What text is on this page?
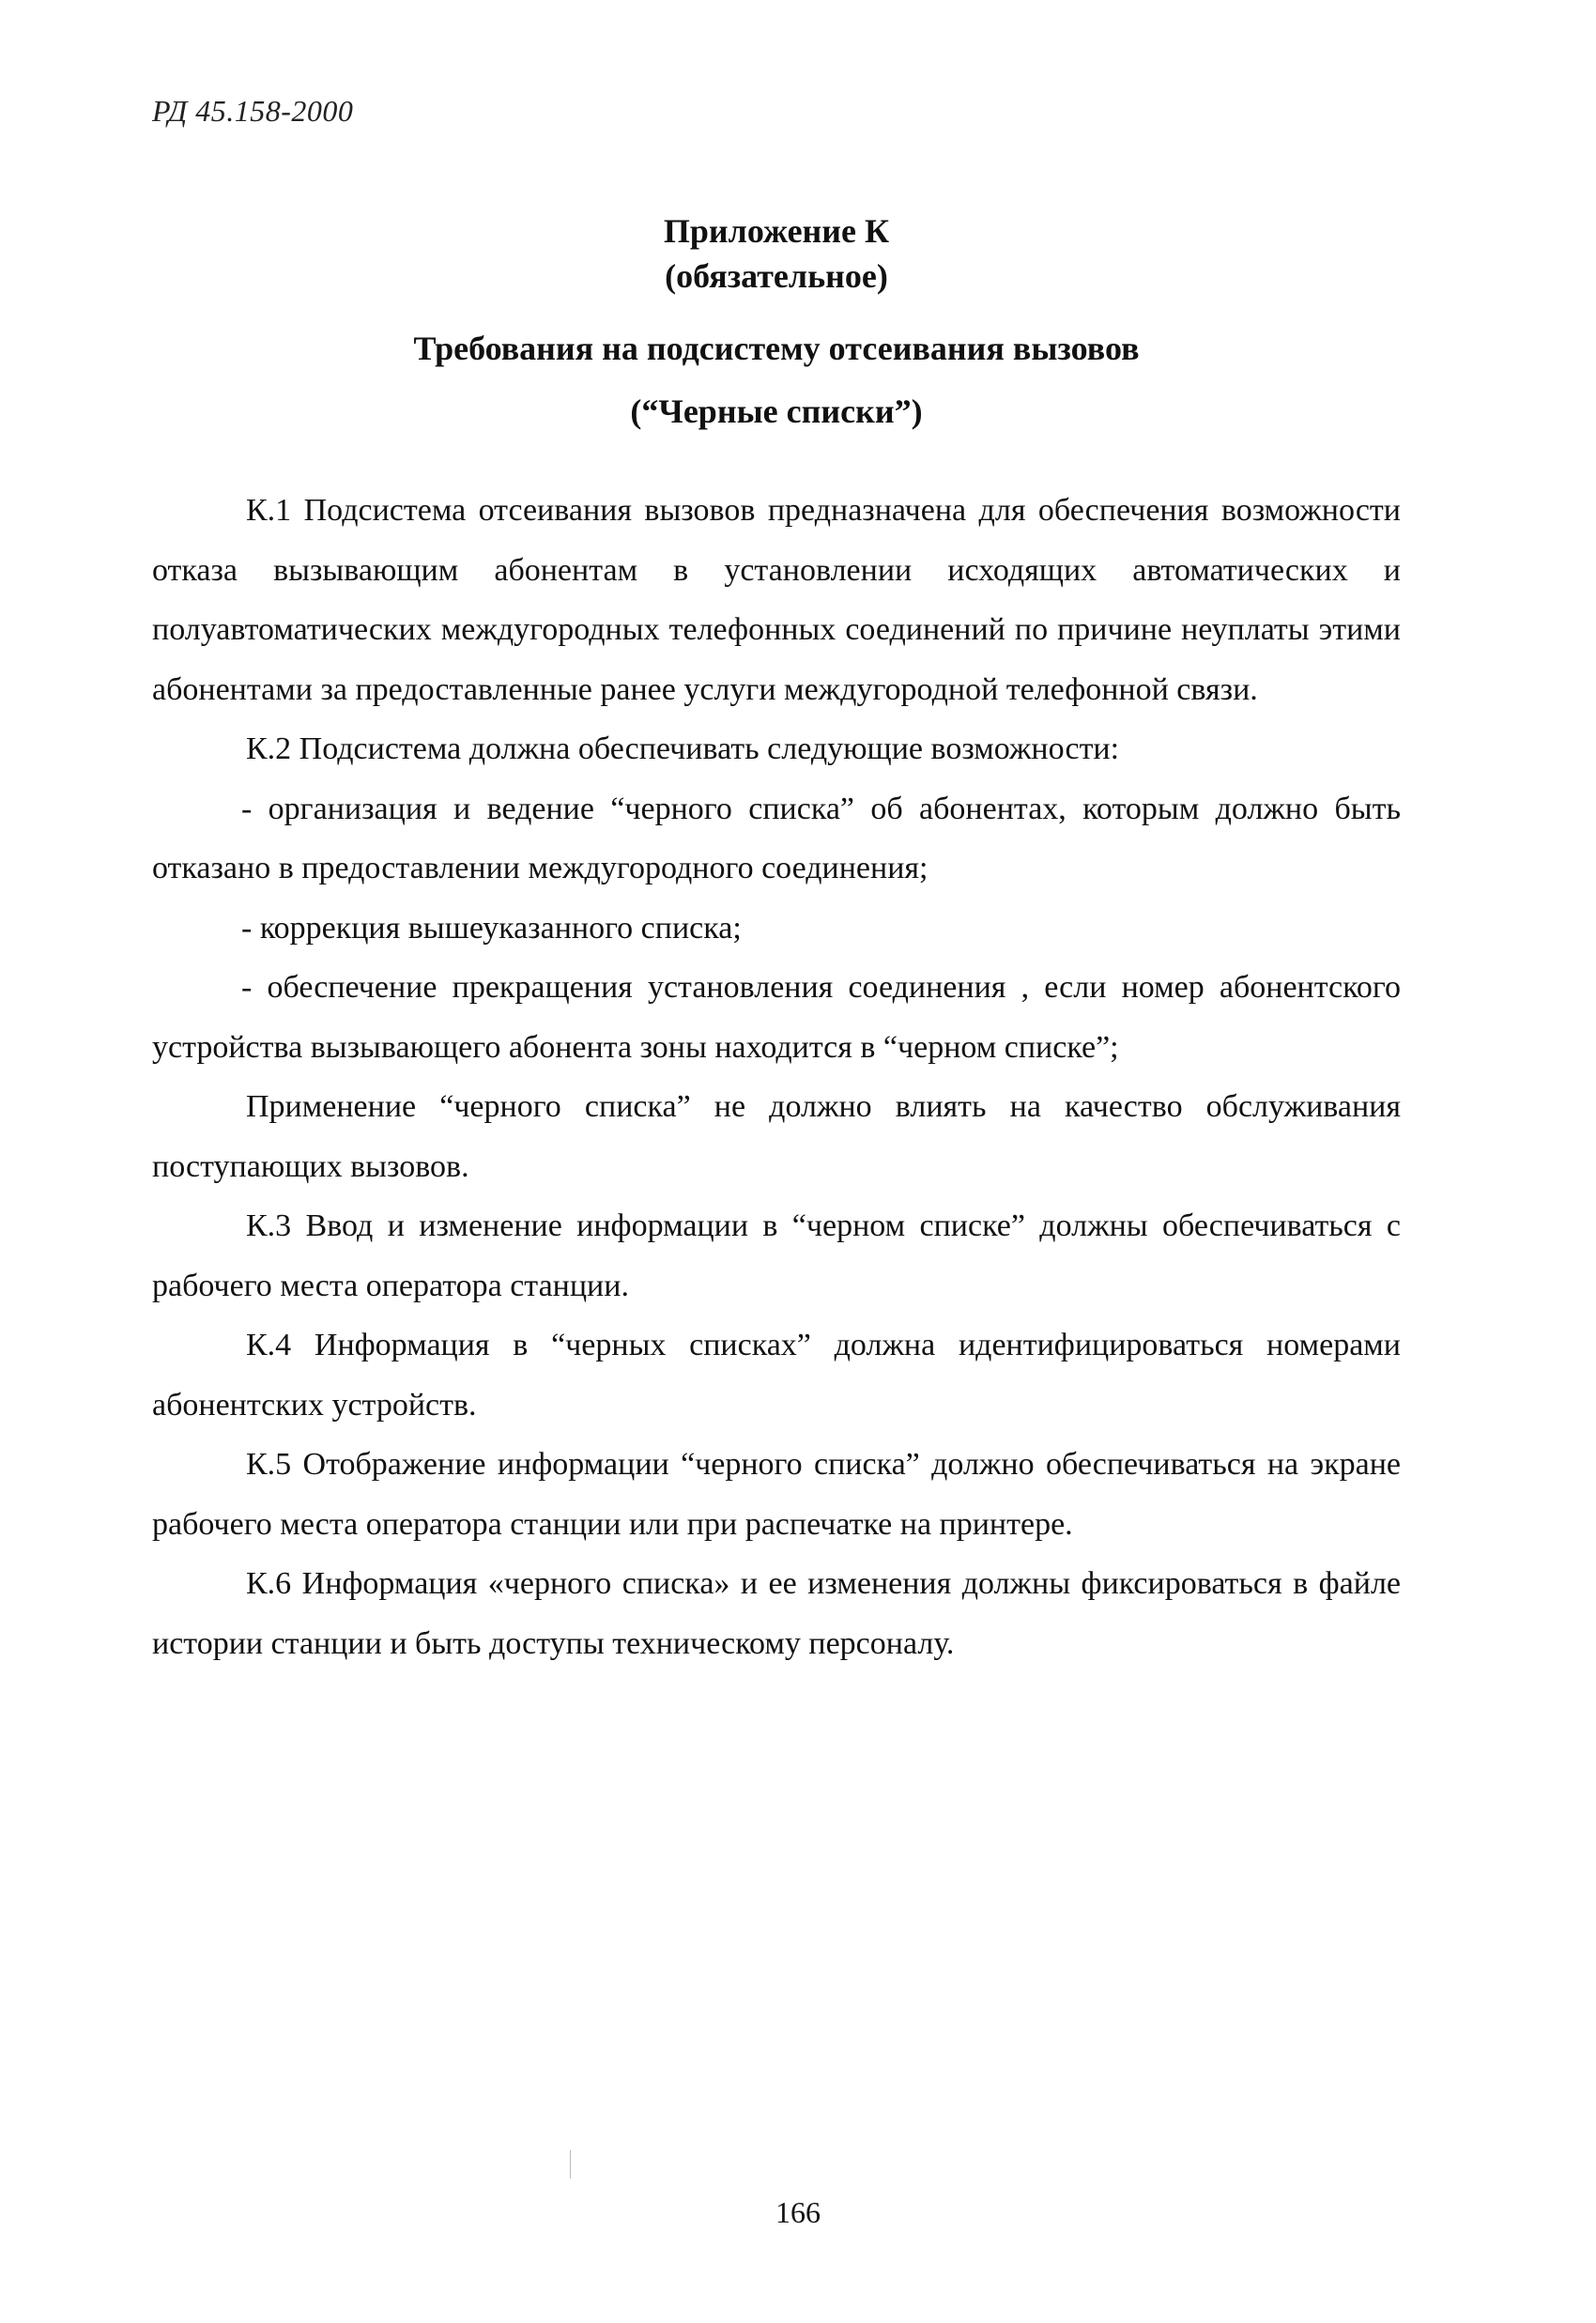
РД 45.158-2000
Приложение К
(обязательное)
Требования на подсистему отсеивания вызовов
(“Черные списки”)

К.1 Подсистема отсеивания вызовов предназначена для обеспечения возможности отказа вызывающим абонентам в установлении исходящих автоматических и полуавтоматических междугородных телефонных соединений по причине неуплаты этими абонентами за предоставленные ранее услуги междугородной телефонной связи.

К.2 Подсистема должна обеспечивать следующие возможности:

- организация и ведение “черного списка” об абонентах, которым должно быть отказано в предоставлении междугородного соединения;

- коррекция вышеуказанного списка;

- обеспечение прекращения установления соединения , если номер абонентского устройства вызывающего абонента зоны находится в “черном списке”;

Применение “черного списка” не должно влиять на качество обслуживания поступающих вызовов.

К.3 Ввод и изменение информации в “черном списке” должны обеспечиваться с рабочего места оператора станции.

К.4 Информация в “черных списках” должна идентифицироваться номерами абонентских устройств.

К.5 Отображение информации “черного списка” должно обеспечиваться на экране рабочего места оператора станции или при распечатке на принтере.

К.6 Информация «черного списка» и ее изменения должны фиксироваться в файле истории станции и быть доступы техническому персоналу.

166
